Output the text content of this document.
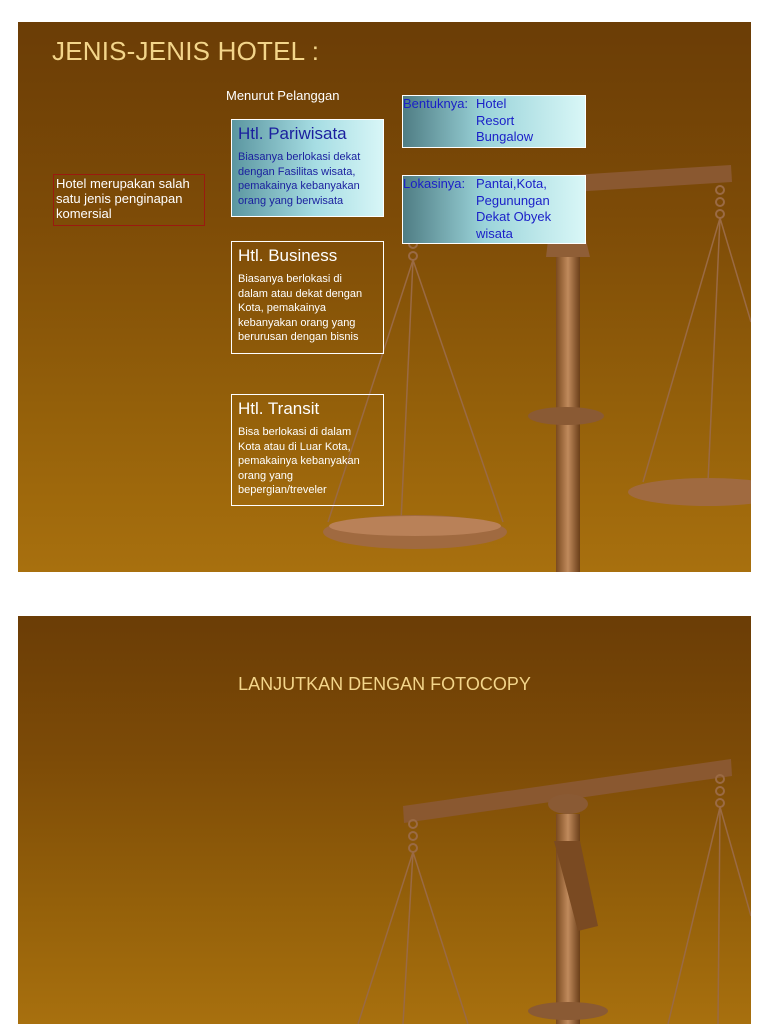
JENIS-JENIS HOTEL :
Menurut Pelanggan
Hotel merupakan salah satu jenis penginapan komersial
Htl. Pariwisata

Biasanya berlokasi dekat
dengan Fasilitas wisata,
pemakainya kebanyakan
orang yang berwisata

Htl. Business

Biasanya berlokasi di
dalam atau dekat dengan
Kota, pemakainya
kebanyakan orang yang
berurusan dengan bisnis

Htl. Transit

Bisa berlokasi di dalam
Kota atau di Luar Kota,
pemakainya kebanyakan
orang yang
bepergian/treveler

Bentuknya: Hotel
Resort
Bungalow
Lokasinya: Pantai,Kota,
Pegunungan
Dekat Obyek
wisata
LANJUTKAN DENGAN FOTOCOPY
